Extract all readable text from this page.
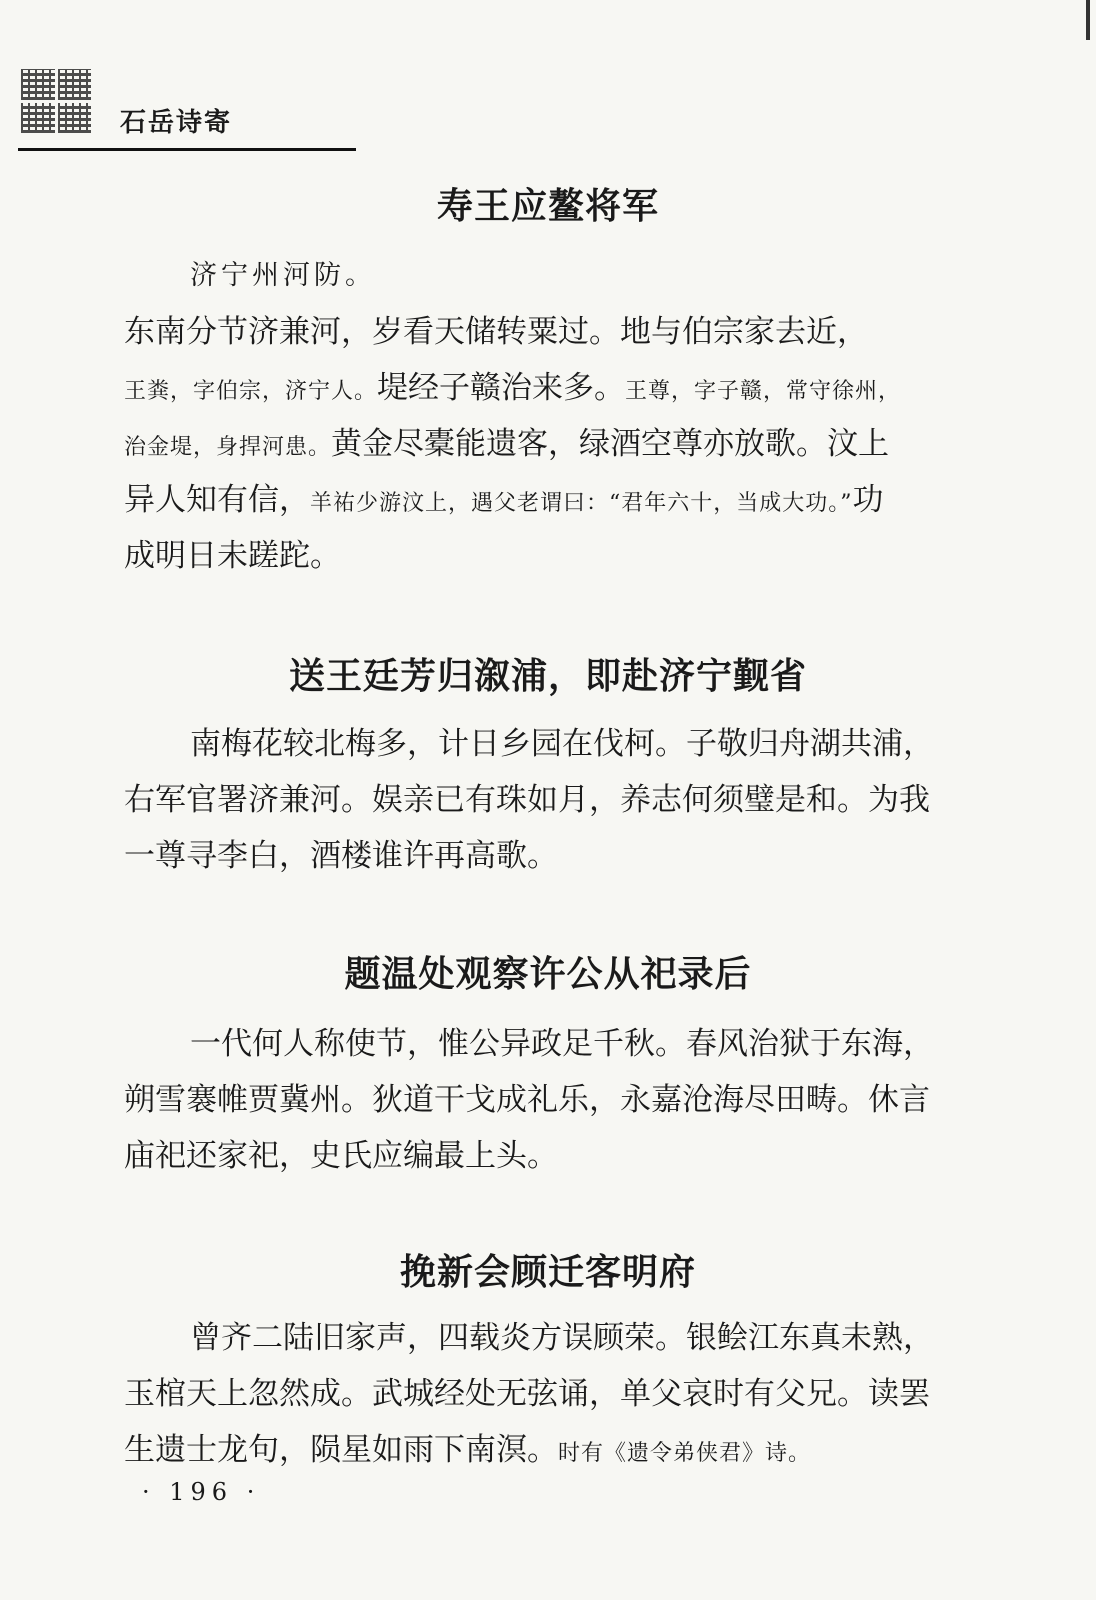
石岳诗寄
寿王应鳌将军
济宁州河防。
东南分节济兼河，岁看天储转粟过。地与伯宗家去近，
王粪，字伯宗，济宁人。堤经子赣治来多。王尊，字子赣，常守徐州，
治金堤，身捍河患。黄金尽橐能遗客，绿酒空尊亦放歌。汶上
异人知有信，羊祐少游汶上，遇父老谓曰：“君年六十，当成大功。”功
成明日未蹉跎。
送王廷芳归溆浦，即赴济宁觐省
南梅花较北梅多，计日乡园在伐柯。子敬归舟湖共浦，
右军官署济兼河。娱亲已有珠如月，养志何须璧是和。为我
一尊寻李白，酒楼谁许再高歌。
题温处观察许公从祀录后
一代何人称使节，惟公异政足千秋。春风治狱于东海，
朔雪褰帷贾冀州。狄道干戈成礼乐，永嘉沧海尽田畴。休言
庙祀还家祀，史氏应编最上头。
挽新会顾迁客明府
曾齐二陆旧家声，四载炎方误顾荣。银鲙江东真未熟，
玉棺天上忽然成。武城经处无弦诵，单父哀时有父兄。读罢
生遗士龙句，陨星如雨下南溟。时有《遗令弟侠君》诗。
· 196 ·
